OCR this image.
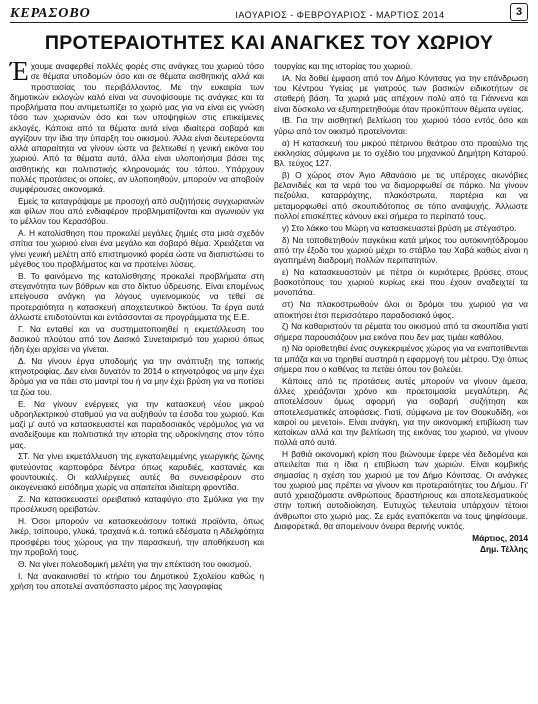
ΚΕΡΑΣΟΒΟ	ΙΑΟΥΑΡΙΟΣ - ΦΕΒΡΟΥΑΡΙΟΣ - ΜΑΡΤΙΟΣ 2014	3
ΠΡΟΤΕΡΑΙΟΤΗΤΕΣ ΚΑΙ ΑΝΑΓΚΕΣ ΤΟΥ ΧΩΡΙΟΥ

Έχουμε αναφερθεί πολλές φορές στις ανάγκες του χωριού τόσο σε θέματα υποδομών όσο και σε θέματα αισθητικής αλλά και προστασίας του περιβάλλοντος. Με την ευκαιρία των δημοτικών εκλογών καλό είναι να συνοψίσουμε τις ανάγκες και τα προβλήματα που αντιμετωπίζει το χωριό μας για να είναι εις γνώση τόσο των χωριανών όσο και των υποψηφίων στις επικείμενες εκλογές. Κάποια από τα θέματα αυτά είναι ιδιαίτερα σοβαρά και αγγίζουν την ίδια την ύπαρξη του οικισμού. Άλλα είναι δευτερεύοντα αλλά απαραίτητα να γίνουν ώστε να βελτιωθεί η γενική εικόνα του χωριού. Από τα θέματα αυτά, άλλα είναι υλοποιήσιμα βάσει της αισθητικής και πολιτιστικής κληρονομιάς του τόπου. Υπάρχουν πολλές προτάσεις οι οποίες, αν υλοποιηθούν, μπορούν να αποβούν συμφέρουσες οικονομικά.

Εμείς τα καταγράψαμε με προσοχή από συζητήσεις συγχωριανών και φίλων που από ενδιαφέρον προβληματίζονται και αγωνιούν για το μέλλον του Κερασόβου.

Α. Η κατολίσθηση που προκαλεί μεγάλες ζημιές στα μισά σχεδόν σπίτια του χωριού είναι ένα μεγάλο και σοβαρό θέμα. Χρειάζεται να γίνει γενική μελέτη από επιστημονικό φορέα ώστε να διαπιστώσει το μέγεθος του προβλήματος και να προτείνει λύσεις.

Β. Το φαινόμενο της κατολίσθησης προκαλεί προβλήματα στη στεγανότητα των βόθρων και στο δίκτυο ύδρευσης. Είναι επομένως επείγουσα ανάγκη για λόγους υγιεινομικούς να τεθεί σε προτεραιότητα η κατασκευή αποχετευτικού δικτύου. Τα έργα αυτά άλλωστε επιδοτούνται και εντάσσονται σε προγράμματα της Ε.Ε.

Γ. Να ενταθεί και να συστηματοποιηθεί η εκμετάλλευση του δασικού πλούτου από τον Δασικό Συνεταιρισμό του χωριού όπως ήδη έχει αρχίσει να γίνεται.

Δ. Να γίνουν έργα υποδομής για την ανάπτυξη της τοπικής κτηνοτροφίας. Δεν είναι δυνατόν το 2014 ο κτηνοτρόφος να μην έχει δρόμο για να πάει στο μαντρί του ή να μην έχει βρύση για να ποτίσει τα ζώα του.

Ε. Να γίνουν ενέργειες για την κατασκευή νέου μικρού υδροηλεκτρικού σταθμού για να αυξηθούν τα έσοδα του χωριού. Και μαζί μ' αυτό να κατασκευαστεί και παραδοσιακός νερόμυλος για να αναδείξουμε και πολιτιστικά την ιστορία της υδροκίνησης στον τόπο μας.

ΣΤ. Να γίνει εκμετάλλευση της εγκαταλειμμένης γεωργικής ζώνης φυτεύοντας καρποφόρα δέντρα όπως καρυδιές, καστανιές και φουντουκιές. Οι καλλιέργειες αυτές θα συνεισφέρουν στο οικογενειακό εισόδημα χωρίς να απαιτείται ιδιαίτερη φροντίδα.

Ζ. Να κατασκευαστεί ορειβατικό καταφύγιο στο Σμόλικα για την προσέλκυση ορειβατών.

Η. Όσοι μπορούν να κατασκευάσουν τοπικά προϊόντα, όπως λικέρ, τσίπουρο, γλυκά, τραχανά κ.ά. τοπικά εδέσματα η Αδελφότητα προσφέρει τους χώρους για την παρασκευή, την αποθήκευση και την προβολή τους.

Θ. Να γίνει πολεοδομική μελέτη για την επέκταση του οικισμού.

Ι. Να ανακαινισθεί το κτήριο του Δημοτικού Σχολείου καθώς η χρήση του αποτελεί αναπόσπαστο μέρος της λαογραφίας

τουργίας και της ιστορίας του χωριού.

ΙΑ. Να δοθεί έμφαση από τον Δήμο Κόνιτσας για την επάνδρωση του Κέντρου Υγείας με γιατρούς των βασικών ειδικοτήτων σε σταθερή βάση. Τα χωριά μας απέχουν πολύ από τα Γιάννενα και είναι δύσκολο να εξυπηρετηθούμε όταν προκύπτουν θέματα υγείας.

ΙΒ. Για την αισθητική βελτίωση του χωριού τόσο εντός όσο και γύρω από τον οικισμό προτείνονται:

α) Η κατασκευή του μικρού πέτρινου θεάτρου στο προαύλιο της εκκλησίας σύμφωνα με το σχέδιο του μηχανικού Δημήτρη Καταρού. Βλ. τεύχος 127.

β) Ο χώρος στον Άγιο Αθανάσιο με τις υπέροχες αιωνόβιες βελανιδιές και τα νερά του να διαμορφωθεί σε πάρκο. Να γίνουν πεζούλια, καταρράχτης, πλακόστρωτα, παρτέρια και να μεταμορφωθεί από σκουπιδότοπος σε τόπο αναψυχής. Άλλωστε πολλοί επισκέπτες κάνουν εκεί σήμερα το περίπατό τους.

γ) Στο λάκκο του Μώρη να κατασκευαστεί βρύση με στέγαστρο.

δ) Να τοποθετηθούν παγκάκια κατά μήκος του αυτοκινητόδρομου από την έξοδο του χωριού μέχρι το στάβλο του Χαβά καθώς είναι η αγαπημένη διαδρομή πολλών περιπατητών.

ε) Να κατασκευαστούν με πέτρα οι κυριότερες βρύσες στους βοσκοτόπους του χωριού κυρίως εκεί που έχουν αναδειχτεί τα μονοπάτια.

στ) Να πλακοστρωθούν όλοι οι δρόμοι του χωριού για να αποκτήσει έτσι περισσότερο παραδοσιακό ύφος.

ζ) Να καθαριστούν τα ρέματα του οικισμού από τα σκουπίδια γιατί σήμερα παρουσιάζουν μια εικόνα που δεν μας τιμάει καθόλου.

η) Να οριοθετηθεί ένας συγκεκριμένος χώρος για να εναποτίθενται τα μπάζα και να τηρηθεί αυστηρά η εφαρμογή του μέτρου. Όχι όπως σήμερα που ο καθένας τα πετάει όπου τον βολεύει.

Κάποιες από τις προτάσεις αυτές μπορούν να γίνουν άμεσα, άλλες χρειάζονται χρόνο και προετοιμασία μεγαλύτερη. Ας αποτελέσουν όμως αφορμή για σοβαρή συζήτηση και αποτελεσματικές αποφάσεις. Γιατί, σύμφωνα με τον Θουκυδίδη, «οι καιροί ου μενετοί». Είναι ανάγκη, για την οικονομική επιβίωση των κατοίκων αλλά και την βελτίωση της εικόνας του χωριού, να γίνουν πολλά από αυτά.

Η βαθιά οικονομική κρίση που βιώνουμε έφερε νέα δεδομένα και απειλείται πια η ίδια η επιβίωση των χωριών. Είναι κομβικής σημασίας η σχέση του χωριού με τον Δήμο Κόνιτσας. Οι ανάγκες του χωριού μας πρέπει να γίνουν και προτεραιότητες του Δήμου. Γι' αυτό χρειαζόμαστε ανθρώπους δραστήριους και αποτελεσματικούς στην τοπική αυτοδιοίκηση. Ευτυχώς τελευταία υπάρχουν τέτοιοι άνθρωποι στο χωριό μας. Σε εμάς εναπόκειται να τους ψηφίσουμε. Διαφορετικά, θα απομείνουν όνειρα θερινής νυκτός.

Μάρτιος, 2014
Δημ. Τέλλης
